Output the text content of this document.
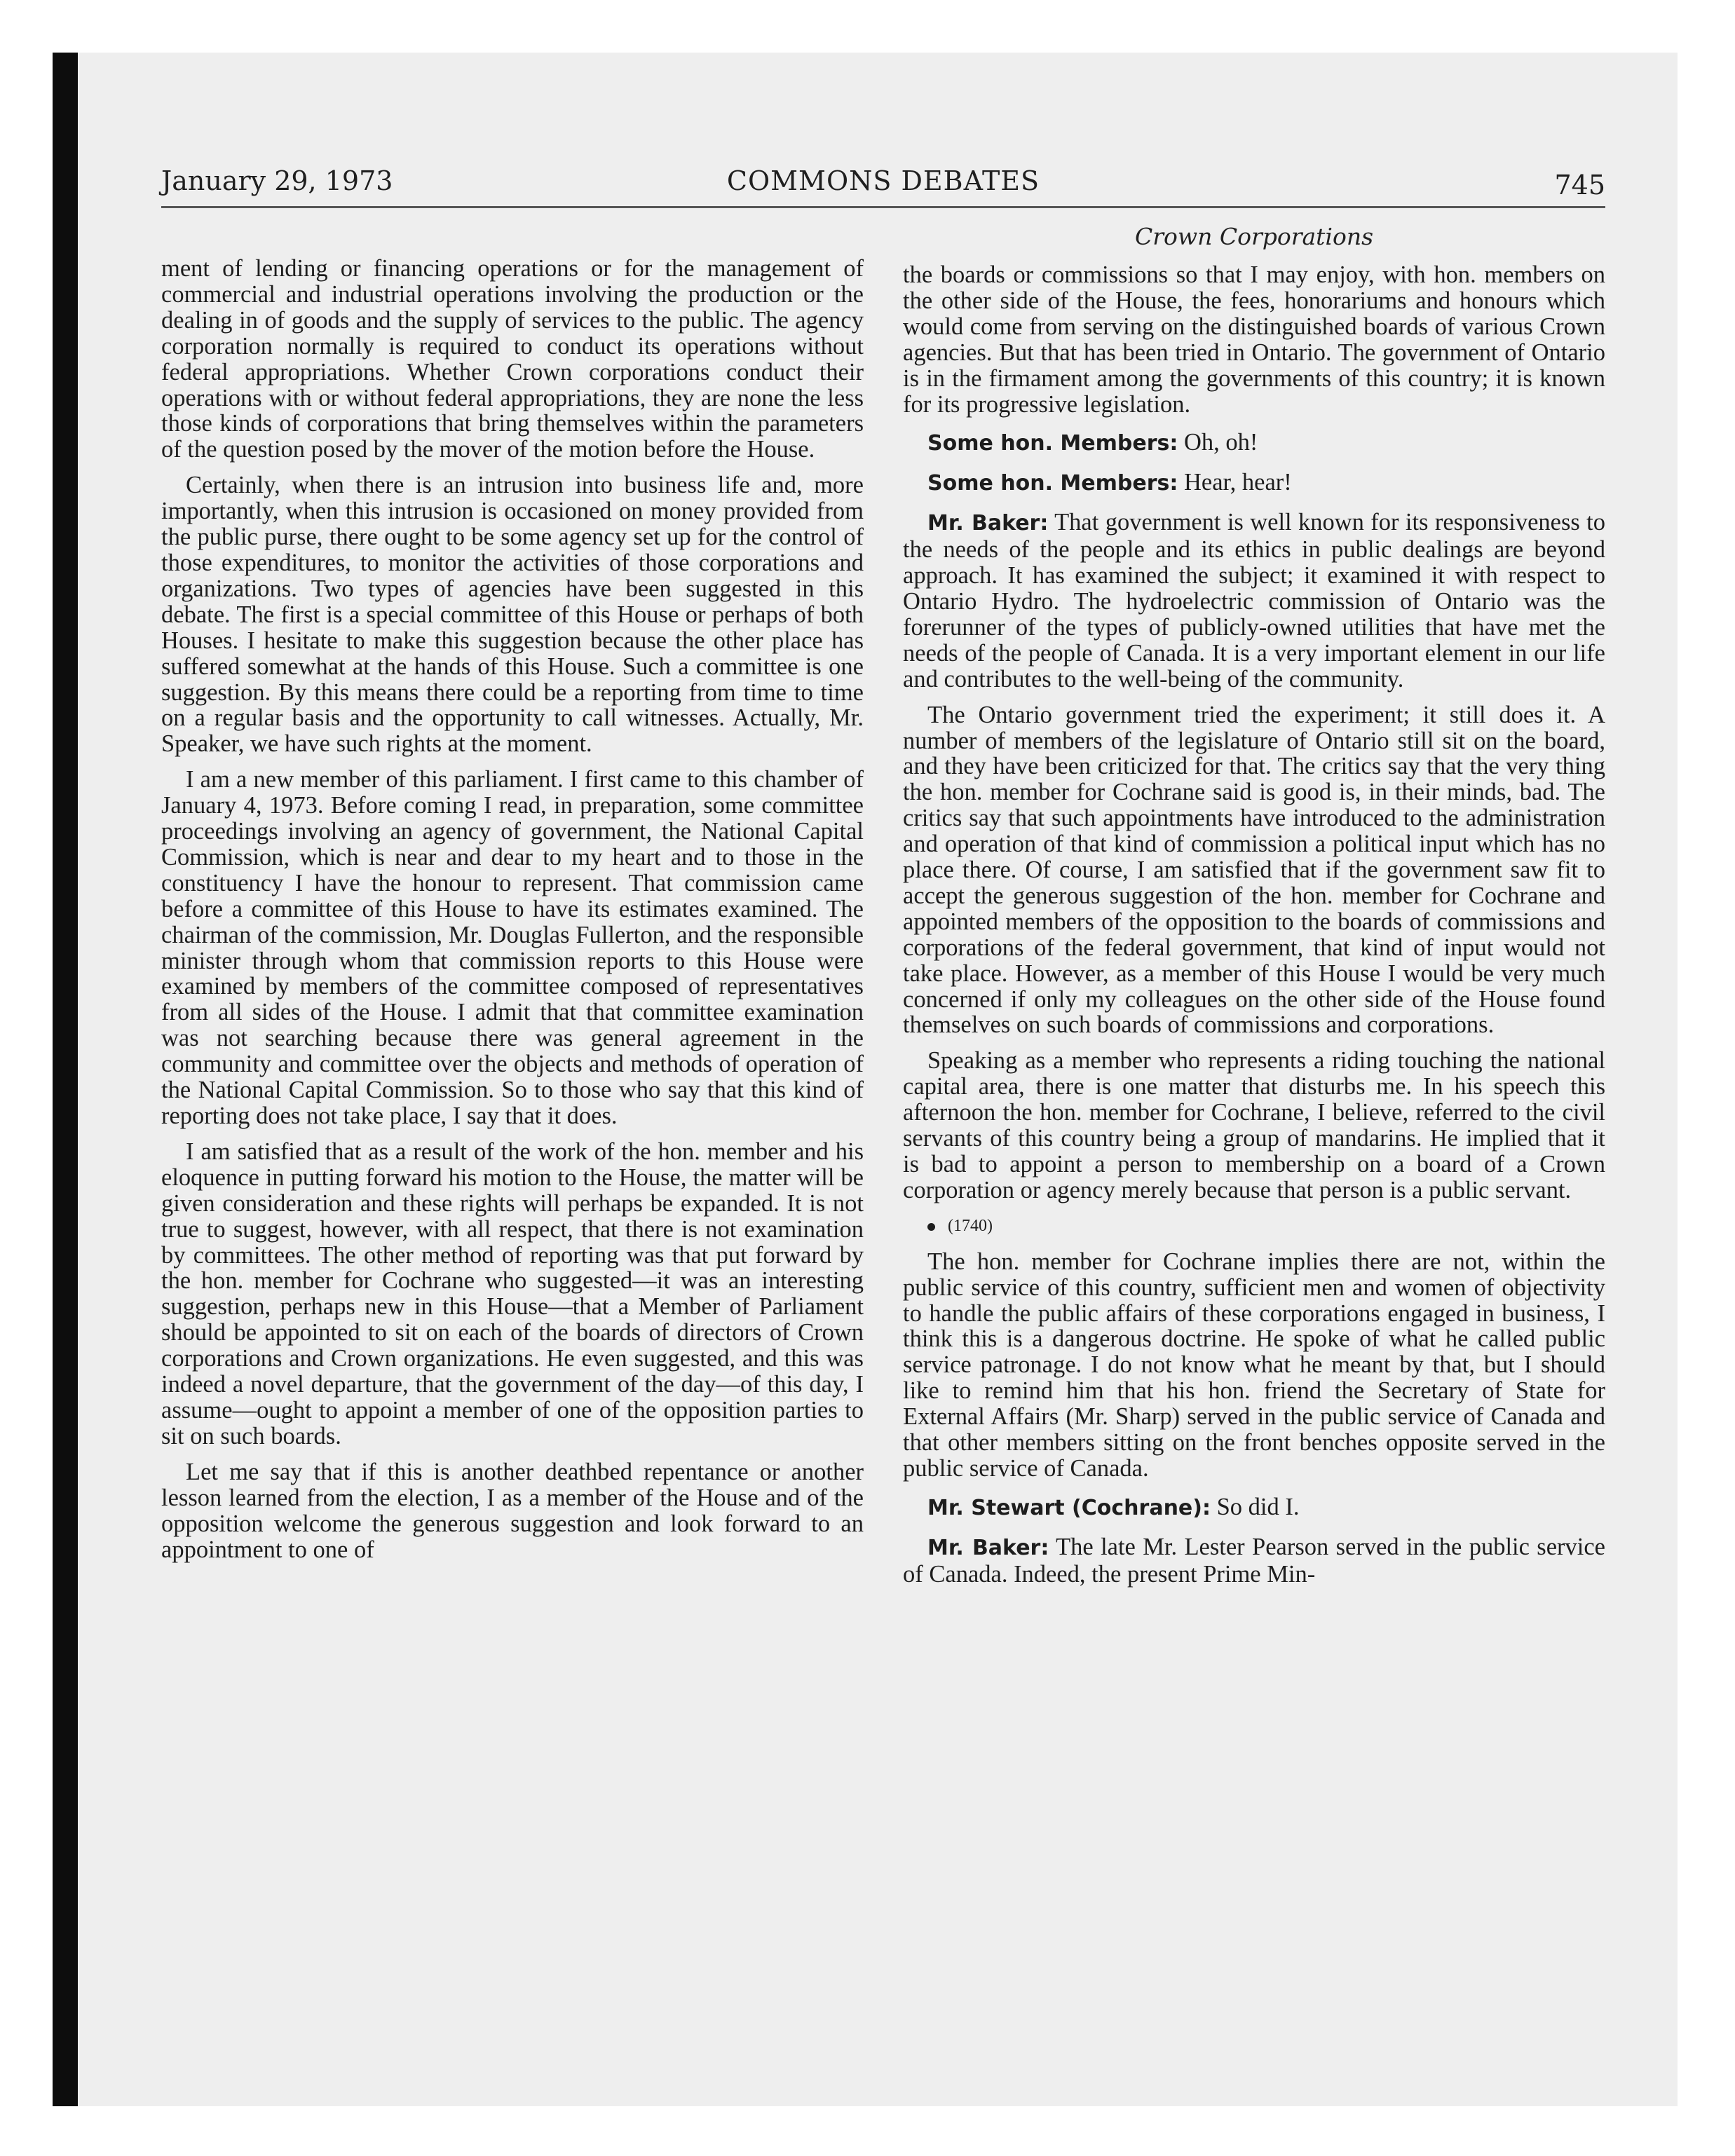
January 29, 1973	COMMONS DEBATES	745
Crown Corporations

ment of lending or financing operations or for the management of commercial and industrial operations involving the production or the dealing in of goods and the supply of services to the public. The agency corporation normally is required to conduct its operations without federal appropriations. Whether Crown corporations conduct their operations with or without federal appropriations, they are none the less those kinds of corporations that bring themselves within the parameters of the question posed by the mover of the motion before the House.

Certainly, when there is an intrusion into business life and, more importantly, when this intrusion is occasioned on money provided from the public purse, there ought to be some agency set up for the control of those expenditures, to monitor the activities of those corporations and organizations. Two types of agencies have been suggested in this debate. The first is a special committee of this House or perhaps of both Houses. I hesitate to make this suggestion because the other place has suffered somewhat at the hands of this House. Such a committee is one suggestion. By this means there could be a reporting from time to time on a regular basis and the opportunity to call witnesses. Actually, Mr. Speaker, we have such rights at the moment.

I am a new member of this parliament. I first came to this chamber of January 4, 1973. Before coming I read, in preparation, some committee proceedings involving an agency of government, the National Capital Commission, which is near and dear to my heart and to those in the constituency I have the honour to represent. That commission came before a committee of this House to have its estimates examined. The chairman of the commission, Mr. Douglas Fullerton, and the responsible minister through whom that commission reports to this House were examined by members of the committee composed of representatives from all sides of the House. I admit that that committee examination was not searching because there was general agreement in the community and committee over the objects and methods of operation of the National Capital Commission. So to those who say that this kind of reporting does not take place, I say that it does.

I am satisfied that as a result of the work of the hon. member and his eloquence in putting forward his motion to the House, the matter will be given consideration and these rights will perhaps be expanded. It is not true to suggest, however, with all respect, that there is not examination by committees. The other method of reporting was that put forward by the hon. member for Cochrane who suggested—it was an interesting suggestion, perhaps new in this House—that a Member of Parliament should be appointed to sit on each of the boards of directors of Crown corporations and Crown organizations. He even suggested, and this was indeed a novel departure, that the government of the day—of this day, I assume—ought to appoint a member of one of the opposition parties to sit on such boards.

Let me say that if this is another deathbed repentance or another lesson learned from the election, I as a member of the House and of the opposition welcome the generous suggestion and look forward to an appointment to one of

the boards or commissions so that I may enjoy, with hon. members on the other side of the House, the fees, honorariums and honours which would come from serving on the distinguished boards of various Crown agencies. But that has been tried in Ontario. The government of Ontario is in the firmament among the governments of this country; it is known for its progressive legislation.

Some hon. Members: Oh, oh!

Some hon. Members: Hear, hear!

Mr. Baker: That government is well known for its responsiveness to the needs of the people and its ethics in public dealings are beyond approach. It has examined the subject; it examined it with respect to Ontario Hydro. The hydroelectric commission of Ontario was the forerunner of the types of publicly-owned utilities that have met the needs of the people of Canada. It is a very important element in our life and contributes to the well-being of the community.

The Ontario government tried the experiment; it still does it. A number of members of the legislature of Ontario still sit on the board, and they have been criticized for that. The critics say that the very thing the hon. member for Cochrane said is good is, in their minds, bad. The critics say that such appointments have introduced to the administration and operation of that kind of commission a political input which has no place there. Of course, I am satisfied that if the government saw fit to accept the generous suggestion of the hon. member for Cochrane and appointed members of the opposition to the boards of commissions and corporations of the federal government, that kind of input would not take place. However, as a member of this House I would be very much concerned if only my colleagues on the other side of the House found themselves on such boards of commissions and corporations.

Speaking as a member who represents a riding touching the national capital area, there is one matter that disturbs me. In his speech this afternoon the hon. member for Cochrane, I believe, referred to the civil servants of this country being a group of mandarins. He implied that it is bad to appoint a person to membership on a board of a Crown corporation or agency merely because that person is a public servant.

(1740)

The hon. member for Cochrane implies there are not, within the public service of this country, sufficient men and women of objectivity to handle the public affairs of these corporations engaged in business, I think this is a dangerous doctrine. He spoke of what he called public service patronage. I do not know what he meant by that, but I should like to remind him that his hon. friend the Secretary of State for External Affairs (Mr. Sharp) served in the public service of Canada and that other members sitting on the front benches opposite served in the public service of Canada.

Mr. Stewart (Cochrane): So did I.

Mr. Baker: The late Mr. Lester Pearson served in the public service of Canada. Indeed, the present Prime Min-
